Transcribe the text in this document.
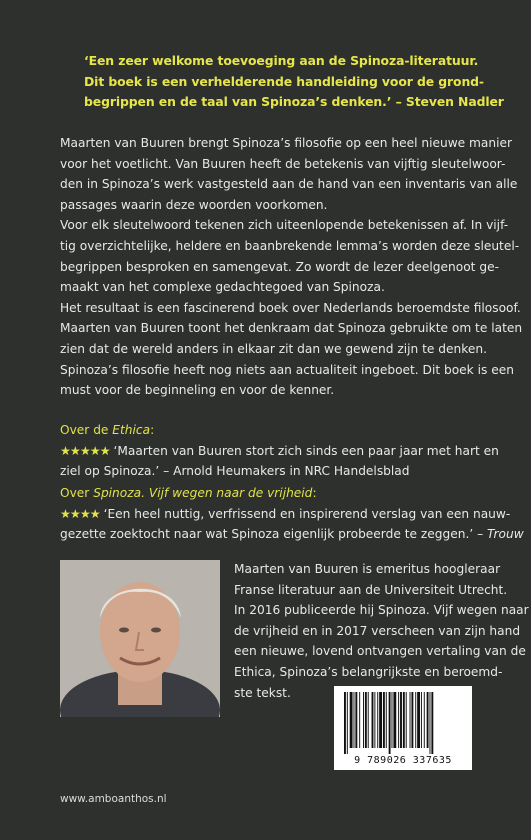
‘Een zeer welkome toevoeging aan de Spinoza-literatuur.
Dit boek is een verhelderende handleiding voor de grond-
begrippen en de taal van Spinoza’s denken.’ – Steven Nadler
Maarten van Buuren brengt Spinoza’s filosofie op een heel nieuwe manier
voor het voetlicht. Van Buuren heeft de betekenis van vijftig sleutelwoor-
den in Spinoza’s werk vastgesteld aan de hand van een inventaris van alle
passages waarin deze woorden voorkomen.
Voor elk sleutelwoord tekenen zich uiteenlopende betekenissen af. In vijf-
tig overzichtelijke, heldere en baanbrekende lemma’s worden deze sleutel-
begrippen besproken en samengevat. Zo wordt de lezer deelgenoot ge-
maakt van het complexe gedachtegoed van Spinoza.
Het resultaat is een fascinerend boek over Nederlands beroemdste filosoof.
Maarten van Buuren toont het denkraam dat Spinoza gebruikte om te laten
zien dat de wereld anders in elkaar zit dan we gewend zijn te denken.
Spinoza’s filosofie heeft nog niets aan actualiteit ingeboet. Dit boek is een
must voor de beginneling en voor de kenner.
Over de Ethica:
★★★★★ ‘Maarten van Buuren stort zich sinds een paar jaar met hart en
ziel op Spinoza.’ – Arnold Heumakers in NRC Handelsblad
Over Spinoza. Vijf wegen naar de vrijheid:
★★★★ ‘Een heel nuttig, verfrissend en inspirerend verslag van een nauw-
gezette zoektocht naar wat Spinoza eigenlijk probeerde te zeggen.’ – Trouw
Maarten van Buuren is emeritus hoogleraar
Franse literatuur aan de Universiteit Utrecht.
In 2016 publiceerde hij Spinoza. Vijf wegen naar
de vrijheid en in 2017 verscheen van zijn hand
een nieuwe, lovend ontvangen vertaling van de
Ethica, Spinoza’s belangrijkste en beroemd-
ste tekst.
9 789026 337635
www.amboanthos.nl
